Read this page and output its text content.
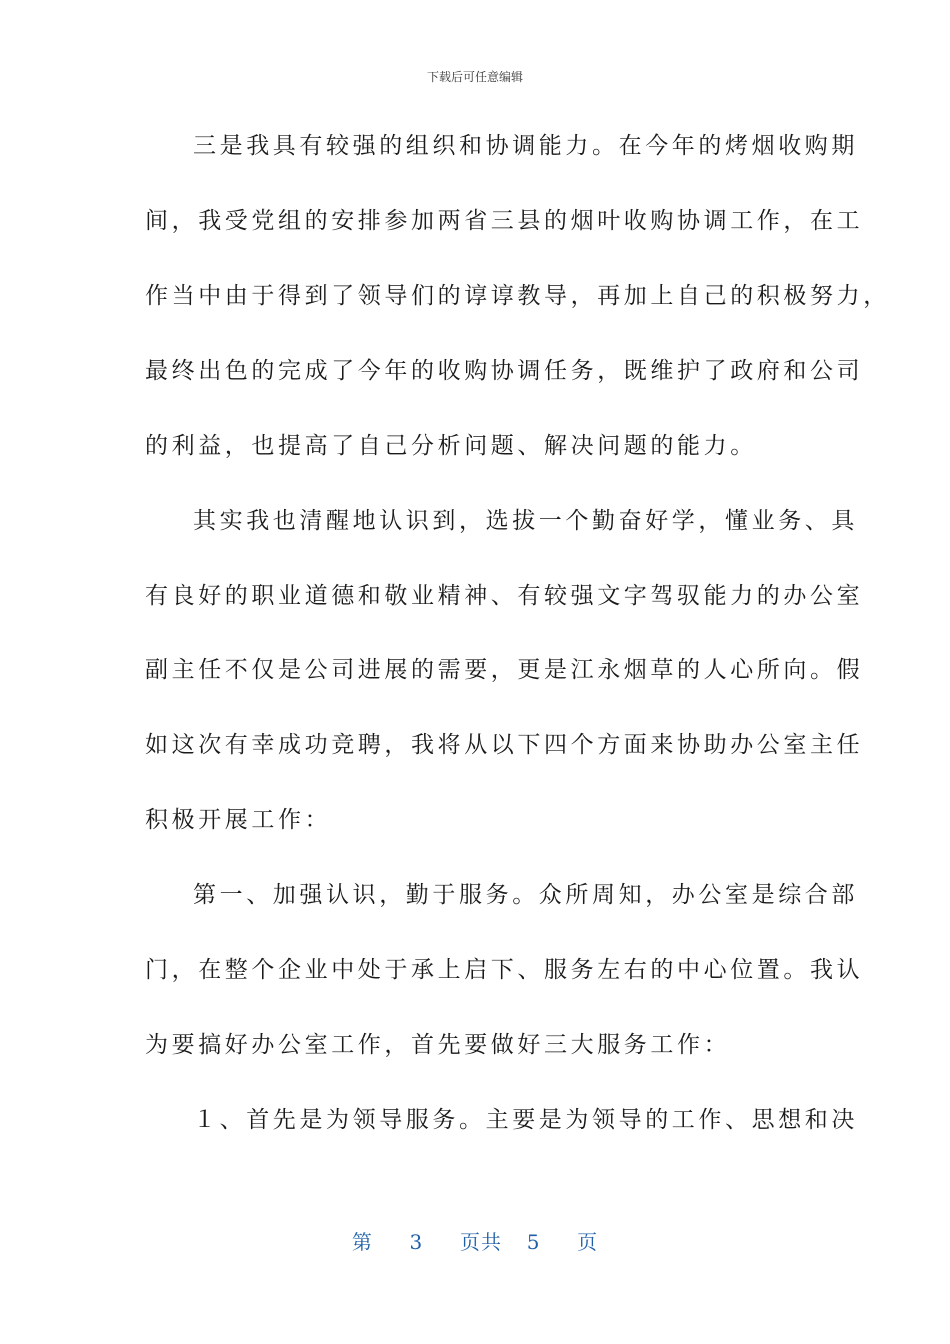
下载后可任意编辑
三是我具有较强的组织和协调能力。在今年的烤烟收购期
间，我受党组的安排参加两省三县的烟叶收购协调工作，在工
作当中由于得到了领导们的谆谆教导，再加上自己的积极努力，
最终出色的完成了今年的收购协调任务，既维护了政府和公司
的利益，也提高了自己分析问题、解决问题的能力。
其实我也清醒地认识到，选拔一个勤奋好学，懂业务、具
有良好的职业道德和敬业精神、有较强文字驾驭能力的办公室
副主任不仅是公司进展的需要，更是江永烟草的人心所向。假
如这次有幸成功竞聘，我将从以下四个方面来协助办公室主任
积极开展工作：
第一、加强认识，勤于服务。众所周知，办公室是综合部
门，在整个企业中处于承上启下、服务左右的中心位置。我认
为要搞好办公室工作，首先要做好三大服务工作：
１、首先是为领导服务。主要是为领导的工作、思想和决
第 3 页共 5 页
